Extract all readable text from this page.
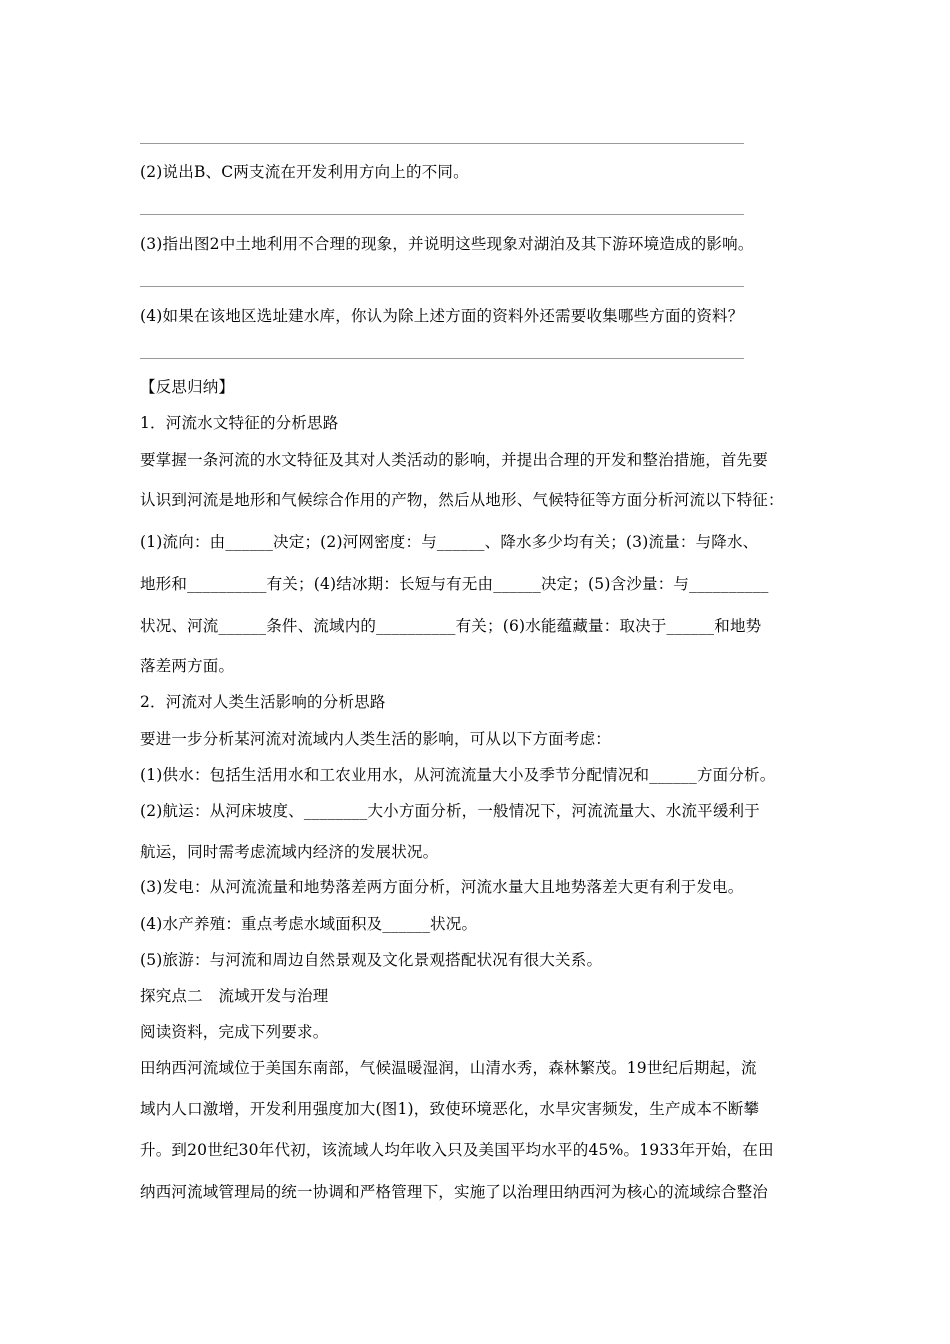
(2)说出B、C两支流在开发利用方向上的不同。
(3)指出图2中土地利用不合理的现象，并说明这些现象对湖泊及其下游环境造成的影响。
(4)如果在该地区选址建水库，你认为除上述方面的资料外还需要收集哪些方面的资料？
【反思归纳】
1．河流水文特征的分析思路
要掌握一条河流的水文特征及其对人类活动的影响，并提出合理的开发和整治措施，首先要
认识到河流是地形和气候综合作用的产物，然后从地形、气候特征等方面分析河流以下特征：
(1)流向：由______决定；(2)河网密度：与______、降水多少均有关；(3)流量：与降水、
地形和__________有关；(4)结冰期：长短与有无由______决定；(5)含沙量：与__________
状况、河流______条件、流域内的__________有关；(6)水能蕴藏量：取决于______和地势
落差两方面。
2．河流对人类生活影响的分析思路
要进一步分析某河流对流域内人类生活的影响，可从以下方面考虑：
(1)供水：包括生活用水和工农业用水，从河流流量大小及季节分配情况和______方面分析。
(2)航运：从河床坡度、________大小方面分析，一般情况下，河流流量大、水流平缓利于
航运，同时需考虑流域内经济的发展状况。
(3)发电：从河流流量和地势落差两方面分析，河流水量大且地势落差大更有利于发电。
(4)水产养殖：重点考虑水域面积及______状况。
(5)旅游：与河流和周边自然景观及文化景观搭配状况有很大关系。
探究点二　流域开发与治理
阅读资料，完成下列要求。
田纳西河流域位于美国东南部，气候温暖湿润，山清水秀，森林繁茂。19世纪后期起，流
域内人口激增，开发利用强度加大(图1)，致使环境恶化，水旱灾害频发，生产成本不断攀
升。到20世纪30年代初，该流域人均年收入只及美国平均水平的45%。1933年开始，在田
纳西河流域管理局的统一协调和严格管理下，实施了以治理田纳西河为核心的流域综合整治
